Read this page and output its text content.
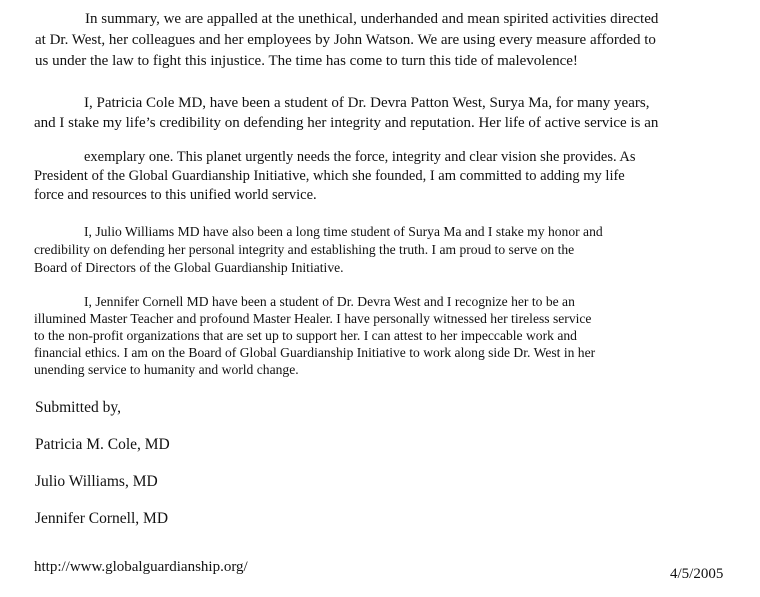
In summary, we are appalled at the unethical, underhanded and mean spirited activities directed

at Dr. West, her colleagues and her employees by John Watson. We are using every measure afforded to

us under the law to fight this injustice. The time has come to turn this tide of malevolence!

I, Patricia Cole MD, have been a student of Dr. Devra Patton West, Surya Ma, for many years,

and I stake my life’s credibility on defending her integrity and reputation. Her life of active service is an

exemplary one. This planet urgently needs the force, integrity and clear vision she provides. As

President of the Global Guardianship Initiative, which she founded, I am committed to adding my life

force and resources to this unified world service.

I, Julio Williams MD have also been a long time student of Surya Ma and I stake my honor and

credibility on defending her personal integrity and establishing the truth. I am proud to serve on the

Board of Directors of the Global Guardianship Initiative.

I, Jennifer Cornell MD have been a student of Dr. Devra West and I recognize her to be an

illumined Master Teacher and profound Master Healer. I have personally witnessed her tireless service

to the non-profit organizations that are set up to support her. I can attest to her impeccable work and

financial ethics. I am on the Board of Global Guardianship Initiative to work along side Dr. West in her

unending service to humanity and world change.

Submitted by,

Patricia M. Cole, MD

Julio Williams, MD

Jennifer Cornell, MD

http://www.globalguardianship.org/	4/5/2005
